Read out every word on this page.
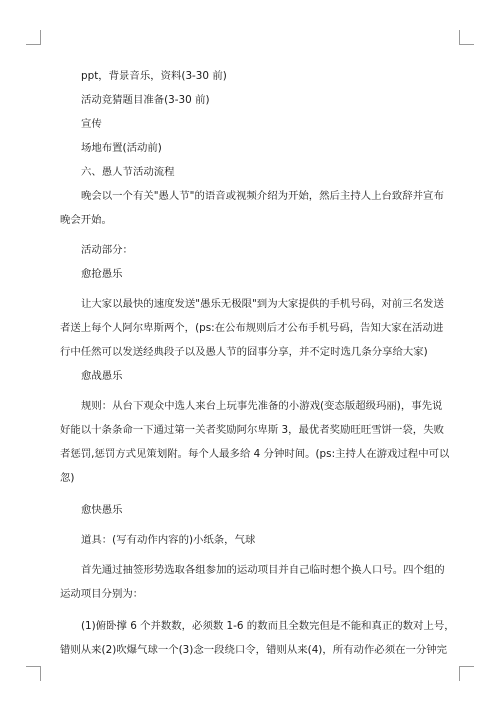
ppt，背景音乐，资料(3-30 前)

活动竞猜题目准备(3-30 前)

宣传

场地布置(活动前)

六、愚人节活动流程

晚会以一个有关"愚人节"的语音或视频介绍为开始，然后主持人上台致辞并宣布

晚会开始。

活动部分：

愈抢愚乐

让大家以最快的速度发送"愚乐无极限"到为大家提供的手机号码，对前三名发送

者送上每个人阿尔卑斯两个，(ps:在公布规则后才公布手机号码，告知大家在活动进

行中任然可以发送经典段子以及愚人节的囧事分享，并不定时选几条分享给大家)

愈战愚乐

规则：从台下观众中选人来台上玩事先准备的小游戏(变态版超级玛丽)，事先说

好能以十条条命一下通过第一关者奖励阿尔卑斯 3，最优者奖励旺旺雪饼一袋，失败

者惩罚,惩罚方式见策划附。每个人最多给 4 分钟时间。(ps:主持人在游戏过程中可以

忽)

愈快愚乐

道具：(写有动作内容的)小纸条，气球

首先通过抽签形势选取各组参加的运动项目并自己临时想个换人口号。四个组的

运动项目分别为：

(1)俯卧撑 6 个并数数，必须数 1-6 的数而且全数完但是不能和真正的数对上号，

错则从来(2)吹爆气球一个(3)念一段绕口令，错则从来(4)，所有动作必须在一分钟完
